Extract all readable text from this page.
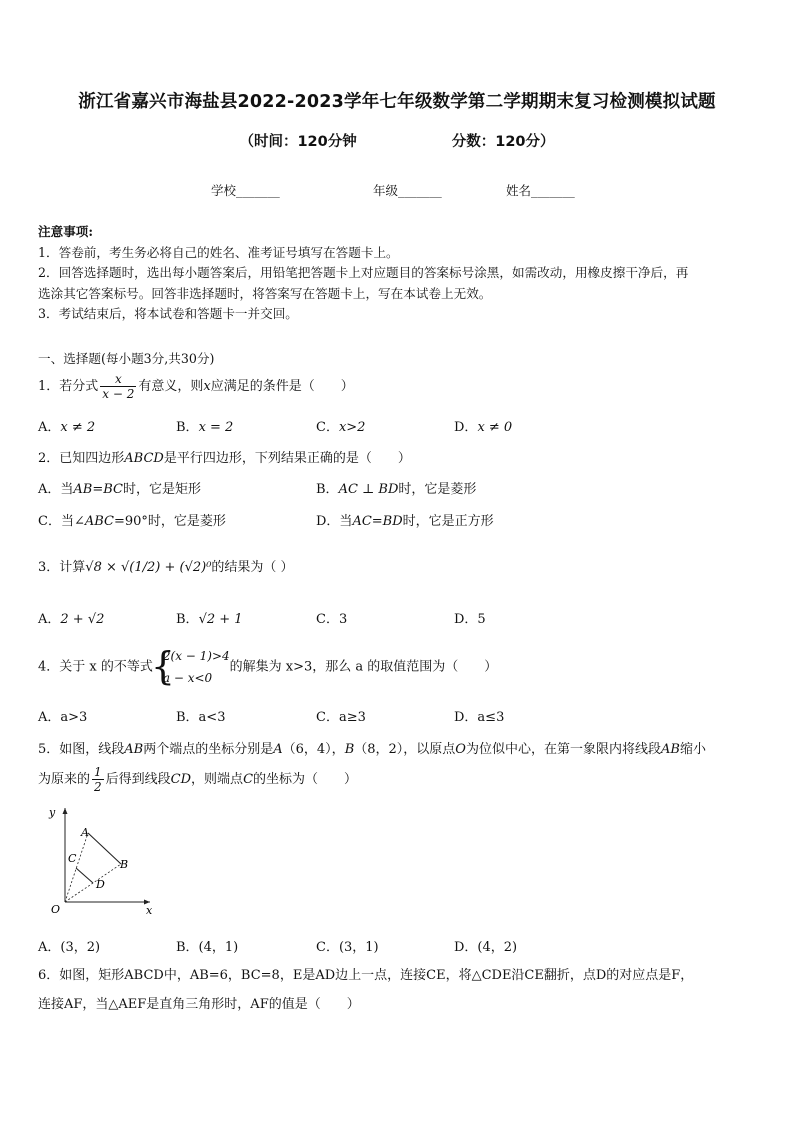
浙江省嘉兴市海盐县2022-2023学年七年级数学第二学期期末复习检测模拟试题
（时间：120分钟	分数：120分）
学校_______	年级_______	姓名_______
注意事项:
1．答卷前，考生务必将自己的姓名、准考证号填写在答题卡上。
2．回答选择题时，选出每小题答案后，用铅笔把答题卡上对应题目的答案标号涂黑，如需改动，用橡皮擦干净后，再
选涂其它答案标号。回答非选择题时，将答案写在答题卡上，写在本试卷上无效。
3．考试结束后，将本试卷和答题卡一并交回。
一、选择题(每小题3分,共30分)
1．若分式 $\frac{x}{x - 2}$ 有意义，则x应满足的条件是（　　）
A．x ≠ 2	B．x = 2	C．x>2	D．x ≠ 0
2．已知四边形ABCD是平行四边形，下列结果正确的是（　　）
A．当AB=BC时，它是矩形	B．AC ⊥ BD时，它是菱形
C．当∠ABC=90°时，它是菱形	D．当AC=BD时，它是正方形
3．计算√8 × √(1/2) + (√2)⁰的结果为（ ）
A．2 + √2	B．√2 + 1	C．3	D．5
4．关于 x 的不等式
{ 2(x − 1)>4
a − x<0
的解集为 x>3，那么 a 的取值范围为（　　）
A．a>3	B．a<3	C．a≥3	D．a≤3
5．如图，线段AB两个端点的坐标分别是A（6，4），B（8，2），以原点O为位似中心，在第一象限内将线段AB缩小
为原来的 $\frac{1}{2}$ 后得到线段CD，则端点C的坐标为（　　）
y
x
O
A
B
C
D
A．(3，2)	B．(4，1)	C．(3，1)	D．(4，2)
6．如图，矩形ABCD中，AB=6，BC=8，E是AD边上一点，连接CE，将△CDE沿CE翻折，点D的对应点是F，
连接AF，当△AEF是直角三角形时，AF的值是（　　）
